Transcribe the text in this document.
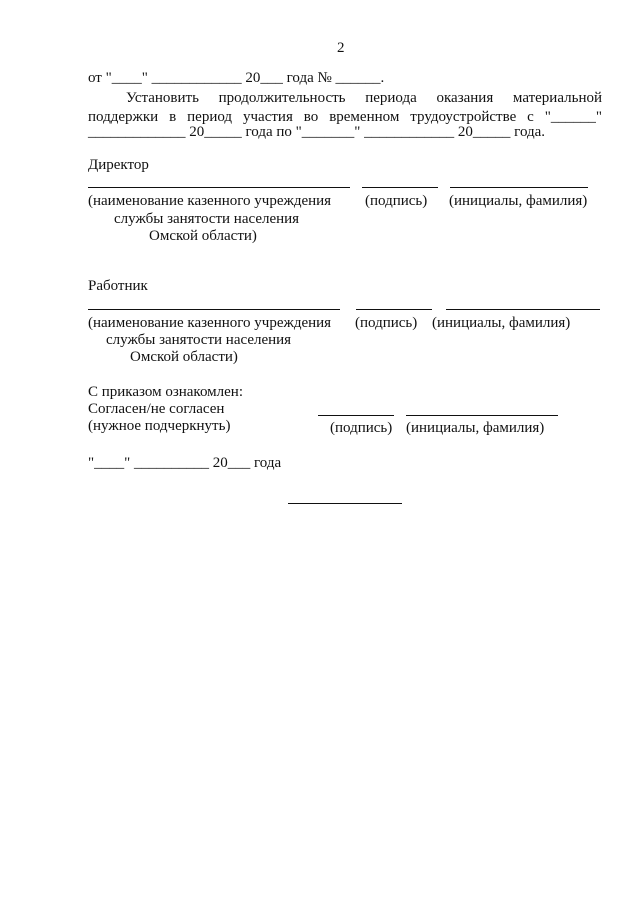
2
от "____" ____________ 20___ года № ______.
Установить продолжительность периода оказания материальной
поддержки в период участия во временном трудоустройстве с "______"
_____________ 20_____ года по "_______" ____________ 20_____ года.
Директор
(наименование казенного учреждения (подпись) (инициалы, фамилия)
службы занятости населения
Омской области)
Работник
(наименование казенного учреждения (подпись) (инициалы, фамилия)
службы занятости населения
Омской области)
С приказом ознакомлен:
Согласен/не согласен
(нужное подчеркнуть)	(подпись) (инициалы, фамилия)
"____" __________ 20___ года
